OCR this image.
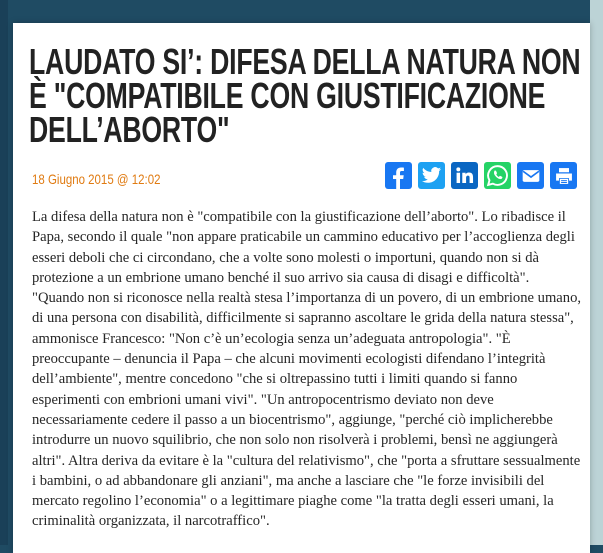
LAUDATO SI’: DIFESA DELLA NATURA NON È "COMPATIBILE CON GIUSTIFICAZIONE DELL’ABORTO"
18 Giugno 2015 @ 12:02

La difesa della natura non è "compatibile con la giustificazione dell’aborto". Lo ribadisce il Papa, secondo il quale "non appare praticabile un cammino educativo per l’accoglienza degli esseri deboli che ci circondano, che a volte sono molesti o importuni, quando non si dà protezione a un embrione umano benché il suo arrivo sia causa di disagi e difficoltà". "Quando non si riconosce nella realtà stesa l’importanza di un povero, di un embrione umano, di una persona con disabilità, difficilmente si sapranno ascoltare le grida della natura stessa", ammonisce Francesco: "Non c’è un’ecologia senza un’adeguata antropologia". "È preoccupante – denuncia il Papa – che alcuni movimenti ecologisti difendano l’integrità dell’ambiente", mentre concedono "che si oltrepassino tutti i limiti quando si fanno esperimenti con embrioni umani vivi". "Un antropocentrismo deviato non deve necessariamente cedere il passo a un biocentrismo", aggiunge, "perché ciò implicherebbe introdurre un nuovo squilibrio, che non solo non risolverà i problemi, bensì ne aggiungerà altri". Altra deriva da evitare è la "cultura del relativismo", che "porta a sfruttare sessualmente i bambini, o ad abbandonare gli anziani", ma anche a lasciare che "le forze invisibili del mercato regolino l’economia" o a legittimare piaghe come "la tratta degli esseri umani, la criminalità organizzata, il narcotraffico".
